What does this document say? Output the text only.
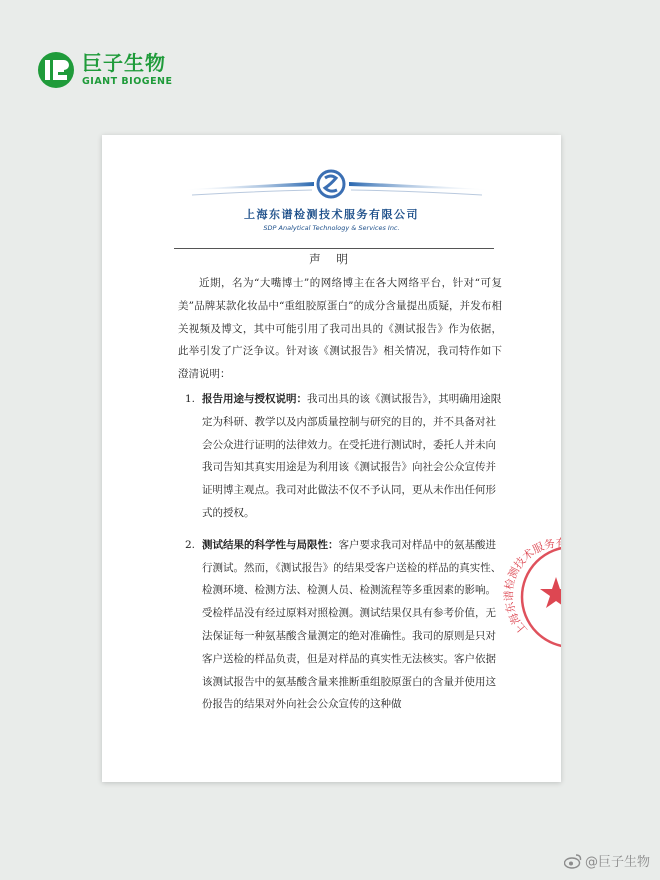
巨子生物
GIANT BIOGENE
上海东谱检测技术服务有限公司
SDP Analytical Technology & Services Inc.
声 明

近期，名为“大嘴博士”的网络博主在各大网络平台，针对“可复美”品牌某款化妆品中“重组胶原蛋白”的成分含量提出质疑，并发布相关视频及博文，其中可能引用了我司出具的《测试报告》作为依据，此举引发了广泛争议。针对该《测试报告》相关情况，我司特作如下澄清说明：

1. 报告用途与授权说明：我司出具的该《测试报告》，其明确用途限定为科研、教学以及内部质量控制与研究的目的，并不具备对社会公众进行证明的法律效力。在受托进行测试时，委托人并未向我司告知其真实用途是为利用该《测试报告》向社会公众宣传并证明博主观点。我司对此做法不仅不予认同，更从未作出任何形式的授权。

2. 测试结果的科学性与局限性：客户要求我司对样品中的氨基酸进行测试。然而，《测试报告》的结果受客户送检的样品的真实性、检测环境、检测方法、检测人员、检测流程等多重因素的影响。受检样品没有经过原料对照检测。测试结果仅具有参考价值，无法保证每一种氨基酸含量测定的绝对准确性。我司的原则是只对客户送检的样品负责，但是对样品的真实性无法核实。客户依据该测试报告中的氨基酸含量来推断重组胶原蛋白的含量并使用这份报告的结果对外向社会公众宣传的这种做

上海东谱检测技术服务有
@巨子生物
